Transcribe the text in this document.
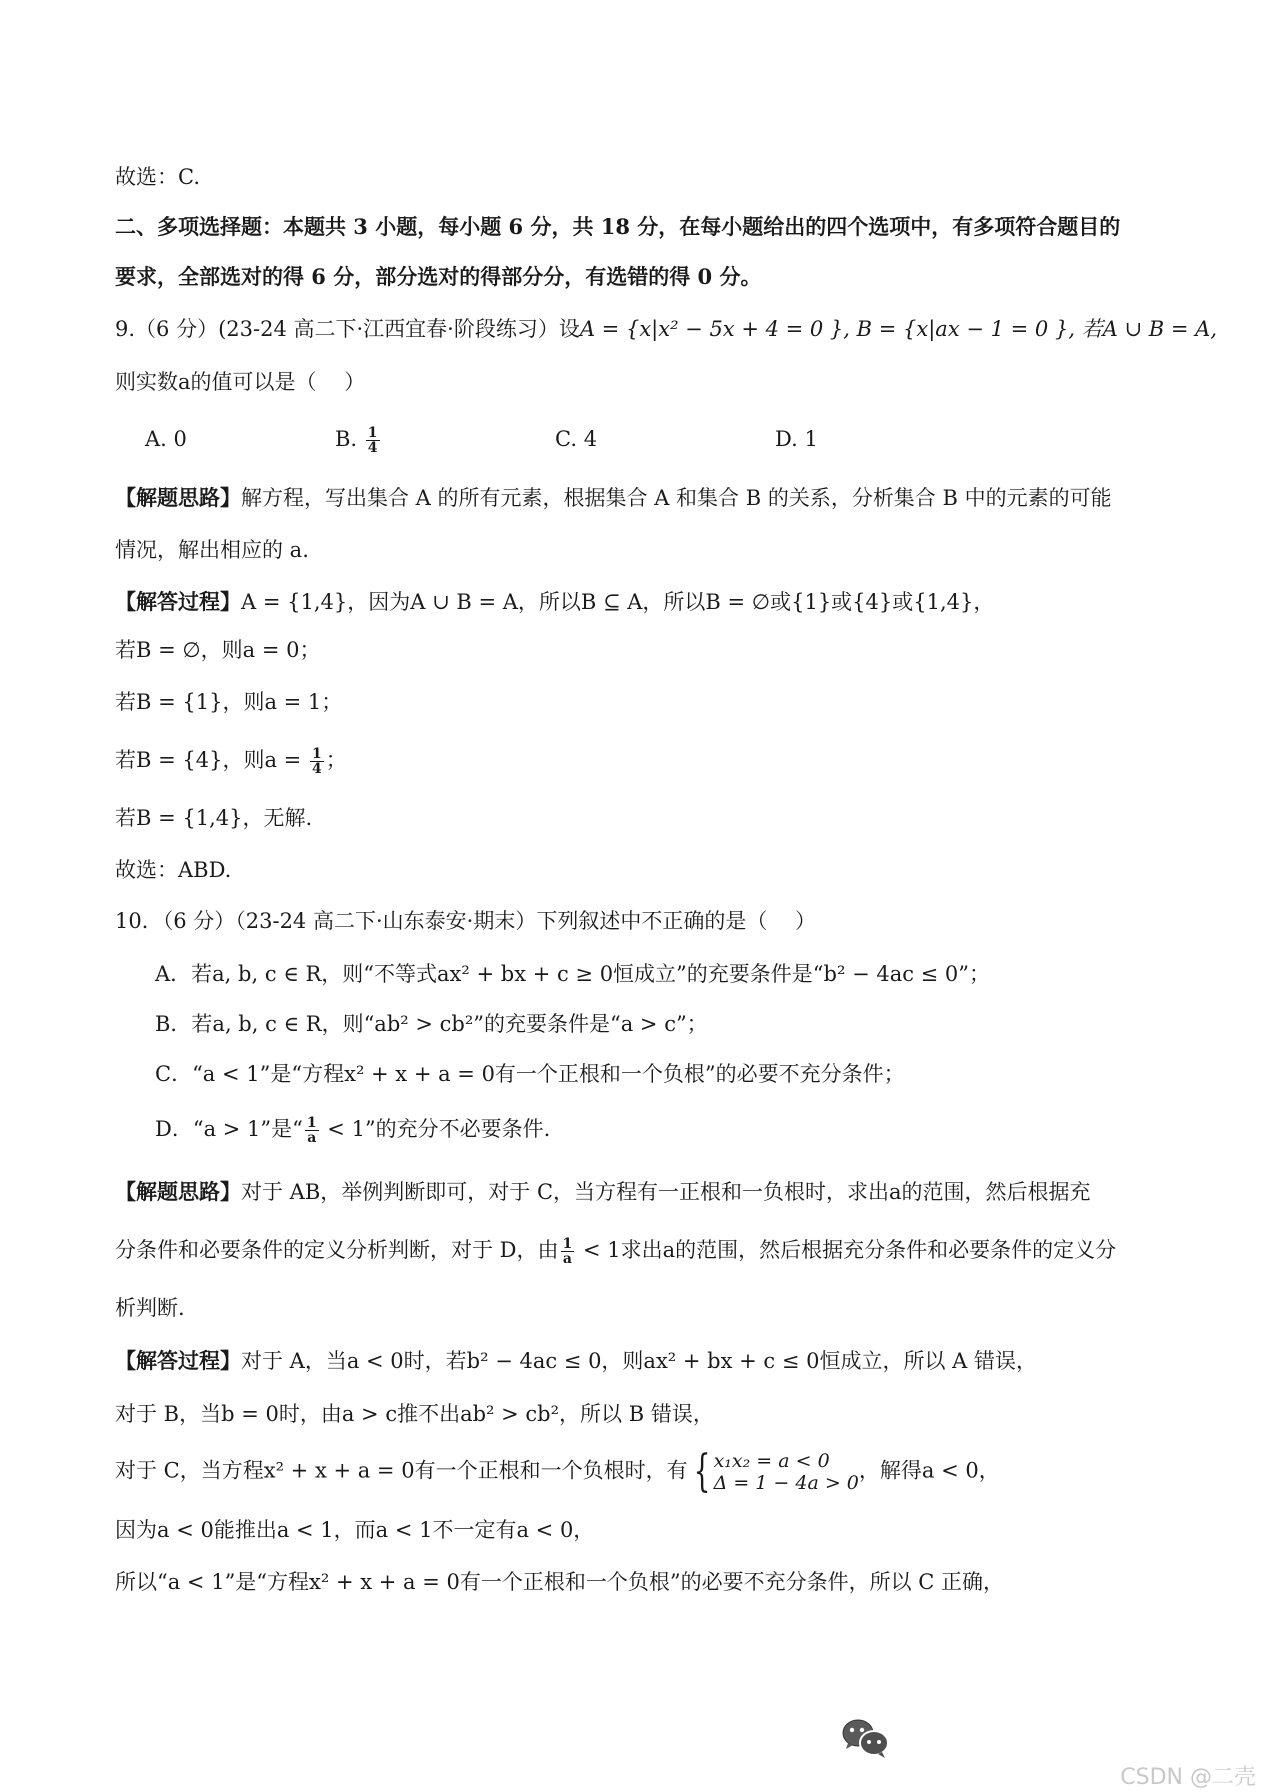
故选：C.
二、多项选择题：本题共 3 小题，每小题 6 分，共 18 分，在每小题给出的四个选项中，有多项符合题目的
要求，全部选对的得 6 分，部分选对的得部分分，有选错的得 0 分。
9.（6 分）(23-24 高二下·江西宜春·阶段练习）设A = {x|x² − 5x + 4 = 0 }, B = {x|ax − 1 = 0 }, 若A ∪ B = A,
则实数a的值可以是（　 ）
A. 0	B. $\frac{1}{4}$	C. 4	D. 1
【解题思路】解方程，写出集合 A 的所有元素，根据集合 A 和集合 B 的关系，分析集合 B 中的元素的可能
情况，解出相应的 a.
【解答过程】A = {1,4}，因为A ∪ B = A，所以B ⊆ A，所以B = ∅或{1}或{4}或{1,4}，
若B = ∅，则a = 0；
若B = {1}，则a = 1；
若B = {4}，则$a = \frac{1}{4}$ ；
若B = {1,4}，无解.
故选：ABD.
10．（6 分）（23-24 高二下·山东泰安·期末）下列叙述中不正确的是（　 ）
A．若a, b, c ∈ R，则“不等式ax² + bx + c ≥ 0恒成立”的充要条件是“b² − 4ac ≤ 0”；
B．若a, b, c ∈ R，则“ab² > cb²”的充要条件是“a > c”；
C．“a < 1”是“方程x² + x + a = 0有一个正根和一个负根”的必要不充分条件；
D．“a > 1”是“ $\frac{1}{a} < 1$”的充分不必要条件.
【解题思路】对于 AB，举例判断即可，对于 C，当方程有一正根和一负根时，求出a的范围，然后根据充
分条件和必要条件的定义分析判断，对于 D，由 $\frac{1}{a} < 1$求出a的范围，然后根据充分条件和必要条件的定义分
析判断.
【解答过程】对于 A，当a < 0时，若b² − 4ac ≤ 0，则ax² + bx + c ≤ 0恒成立，所以 A 错误，
对于 B，当b = 0时，由a > c推不出ab² > cb²，所以 B 错误，
对于 C，当方程x² + x + a = 0有一个正根和一个负根时，有 { x₁x₂ = a < 0
Δ = 1 − 4a > 0
，解得a < 0，
因为a < 0能推出a < 1，而a < 1不一定有a < 0，
所以“a < 1”是“方程x² + x + a = 0有一个正根和一个负根”的必要不充分条件，所以 C 正确，
CSDN @二壳
